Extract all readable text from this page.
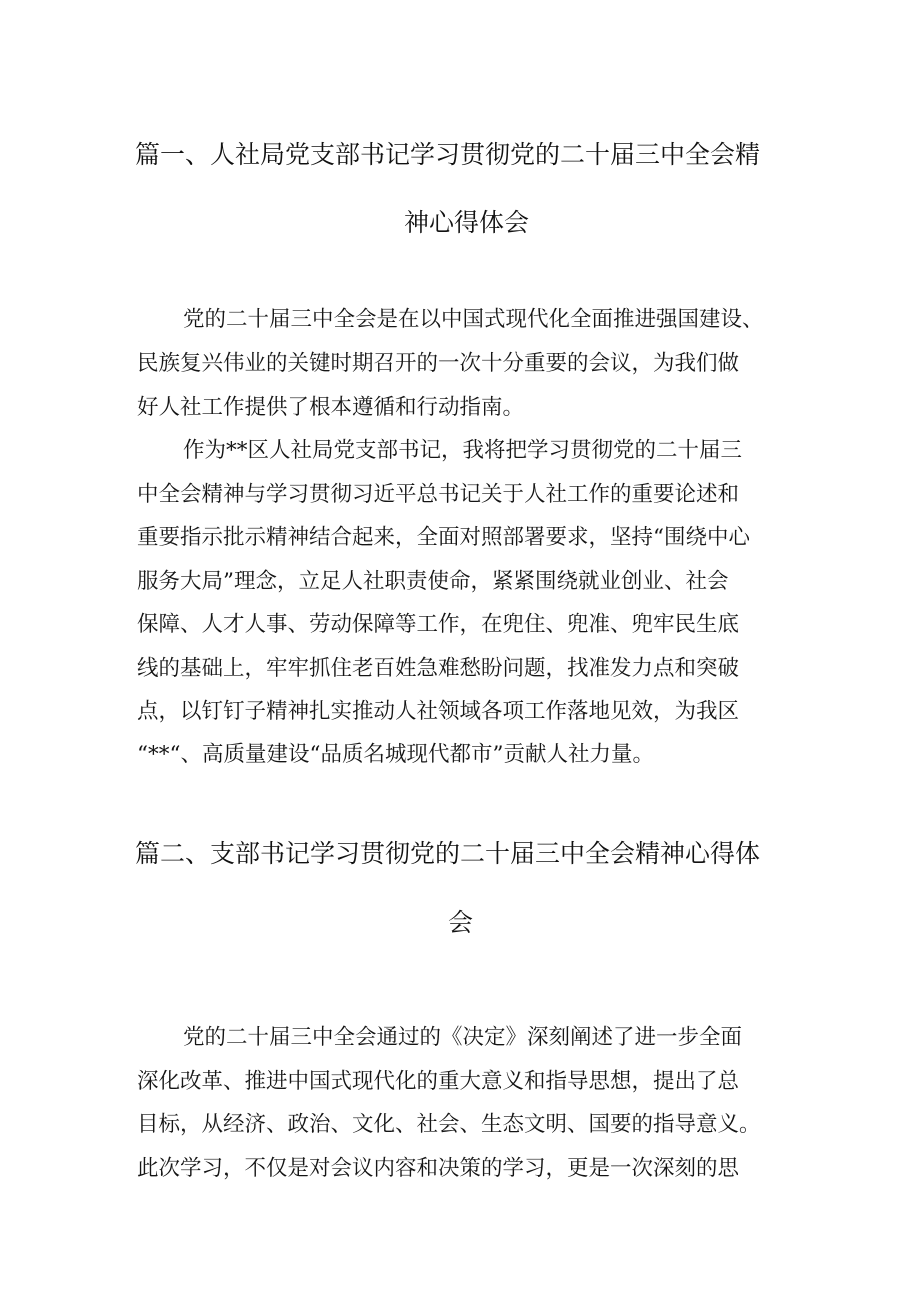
篇一、人社局党支部书记学习贯彻党的二十届三中全会精
神心得体会
党的二十届三中全会是在以中国式现代化全面推进强国建设、
民族复兴伟业的关键时期召开的一次十分重要的会议，为我们做
好人社工作提供了根本遵循和行动指南。
作为**区人社局党支部书记，我将把学习贯彻党的二十届三
中全会精神与学习贯彻习近平总书记关于人社工作的重要论述和
重要指示批示精神结合起来，全面对照部署要求，坚持“围绕中心
服务大局”理念，立足人社职责使命，紧紧围绕就业创业、社会
保障、人才人事、劳动保障等工作，在兜住、兜准、兜牢民生底
线的基础上，牢牢抓住老百姓急难愁盼问题，找准发力点和突破
点，以钉钉子精神扎实推动人社领域各项工作落地见效，为我区
“**“、高质量建设“品质名城现代都市”贡献人社力量。
篇二、支部书记学习贯彻党的二十届三中全会精神心得体
会
党的二十届三中全会通过的《决定》深刻阐述了进一步全面
深化改革、推进中国式现代化的重大意义和指导思想，提出了总
目标，从经济、政治、文化、社会、生态文明、国要的指导意义。
此次学习，不仅是对会议内容和决策的学习，更是一次深刻的思
